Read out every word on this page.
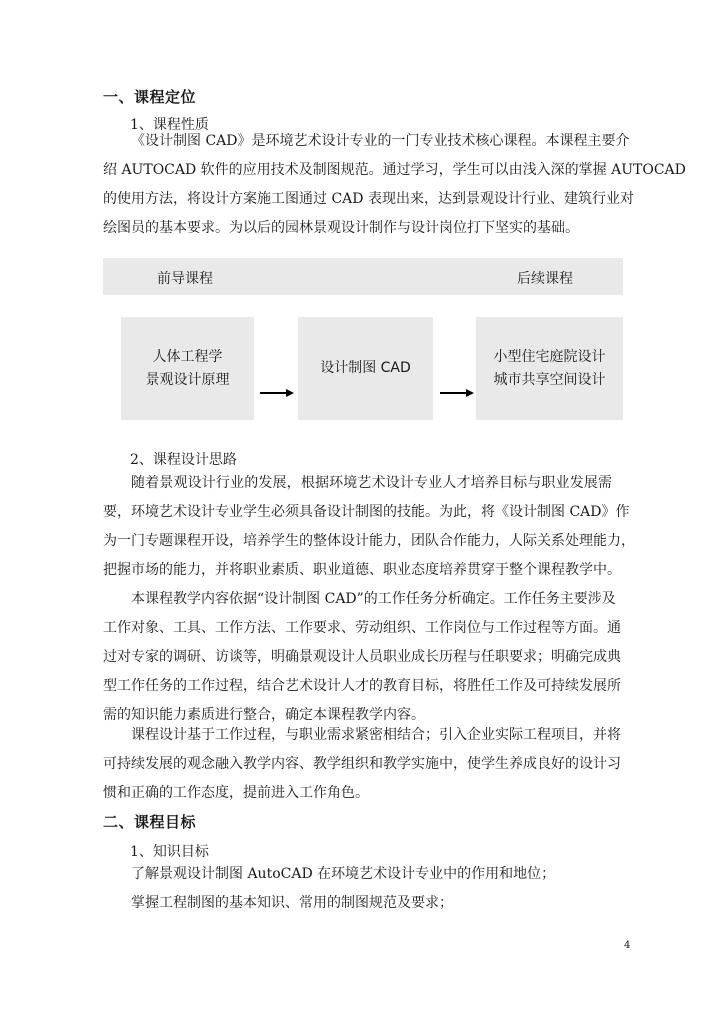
一、课程定位
1、课程性质
《设计制图 CAD》是环境艺术设计专业的一门专业技术核心课程。本课程主要介
绍 AUTOCAD 软件的应用技术及制图规范。通过学习，学生可以由浅入深的掌握 AUTOCAD
的使用方法，将设计方案施工图通过 CAD 表现出来，达到景观设计行业、建筑行业对
绘图员的基本要求。为以后的园林景观设计制作与设计岗位打下坚实的基础。
前导课程	后续课程
人体工程学
景观设计原理
设计制图 CAD
小型住宅庭院设计
城市共享空间设计
2、课程设计思路
随着景观设计行业的发展，根据环境艺术设计专业人才培养目标与职业发展需
要，环境艺术设计专业学生必须具备设计制图的技能。为此，将《设计制图 CAD》作
为一门专题课程开设，培养学生的整体设计能力，团队合作能力，人际关系处理能力，
把握市场的能力，并将职业素质、职业道德、职业态度培养贯穿于整个课程教学中。
本课程教学内容依据“设计制图 CAD”的工作任务分析确定。工作任务主要涉及
工作对象、工具、工作方法、工作要求、劳动组织、工作岗位与工作过程等方面。通
过对专家的调研、访谈等，明确景观设计人员职业成长历程与任职要求；明确完成典
型工作任务的工作过程，结合艺术设计人才的教育目标，将胜任工作及可持续发展所
需的知识能力素质进行整合，确定本课程教学内容。
课程设计基于工作过程，与职业需求紧密相结合；引入企业实际工程项目，并将
可持续发展的观念融入教学内容、教学组织和教学实施中，使学生养成良好的设计习
惯和正确的工作态度，提前进入工作角色。
二、课程目标
1、知识目标
了解景观设计制图 AutoCAD 在环境艺术设计专业中的作用和地位；
掌握工程制图的基本知识、常用的制图规范及要求；
4
